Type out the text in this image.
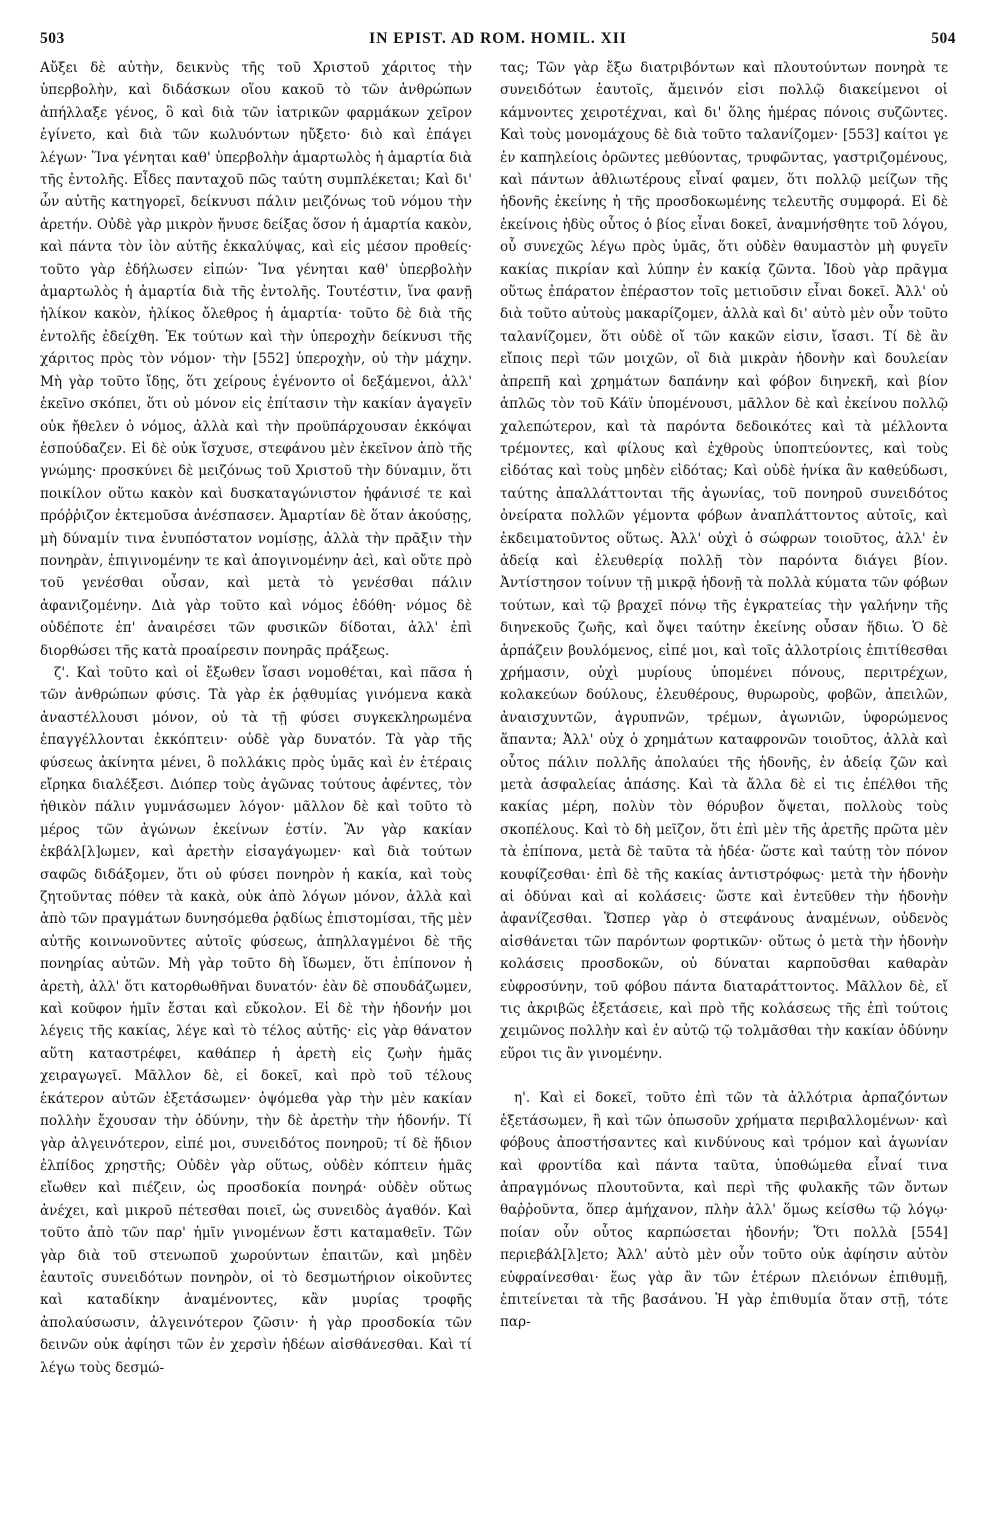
503	IN EPIST. AD ROM. HOMIL. XII	504

Αὔξει δὲ αὐτὴν, δεικνὺς τῆς τοῦ Χριστοῦ χάριτος τὴν ὑπερβολὴν, καὶ διδάσκων οἵου κακοῦ τὸ τῶν ἀνθρώπων ἀπήλλαξε γένος, ὃ καὶ διὰ τῶν ἰατρικῶν φαρμάκων χεῖρον ἐγίνετο, καὶ διὰ τῶν κωλυόντων ηὔξετο· διὸ καὶ ἐπάγει λέγων· Ἵνα γένηται καθ' ὑπερβολὴν ἁμαρτωλὸς ἡ ἁμαρτία διὰ τῆς ἐντολῆς. Εἶδες πανταχοῦ πῶς ταύτη συμπλέκεται; Καὶ δι' ὧν αὐτῆς κατηγορεῖ, δείκνυσι πάλιν μειζόνως τοῦ νόμου τὴν ἀρετήν. Οὐδὲ γὰρ μικρὸν ἤνυσε δείξας ὅσον ἡ ἁμαρτία κακὸν, καὶ πάντα τὸν ἰὸν αὐτῆς ἐκκαλύψας, καὶ εἰς μέσον προθείς· τοῦτο γὰρ ἐδήλωσεν εἰπών· Ἵνα γένηται καθ' ὑπερβολὴν ἁμαρτωλὸς ἡ ἁμαρτία διὰ τῆς ἐντολῆς. Τουτέστιν, ἵνα φανῇ ἡλίκον κακὸν, ἡλίκος ὄλεθρος ἡ ἁμαρτία· τοῦτο δὲ διὰ τῆς ἐντολῆς ἐδείχθη. Ἐκ τούτων καὶ τὴν ὑπεροχὴν δείκνυσι τῆς χάριτος πρὸς τὸν νόμον· τὴν [552] ὑπεροχὴν, οὐ τὴν μάχην. Μὴ γὰρ τοῦτο ἴδῃς, ὅτι χείρους ἐγένοντο οἱ δεξάμενοι, ἀλλ' ἐκεῖνο σκόπει, ὅτι οὐ μόνον εἰς ἐπίτασιν τὴν κακίαν ἀγαγεῖν οὐκ ἤθελεν ὁ νόμος, ἀλλὰ καὶ τὴν προϋπάρχουσαν ἐκκόψαι ἐσπούδαζεν. Εἰ δὲ οὐκ ἴσχυσε, στεφάνου μὲν ἐκεῖνον ἀπὸ τῆς γνώμης· προσκύνει δὲ μειζόνως τοῦ Χριστοῦ τὴν δύναμιν, ὅτι ποικίλον οὕτω κακὸν καὶ δυσκαταγώνιστον ἠφάνισέ τε καὶ πρόῤῥιζον ἐκτεμοῦσα ἀνέσπασεν. Ἁμαρτίαν δὲ ὅταν ἀκούσῃς, μὴ δύναμίν τινα ἐνυπόστατον νομίσῃς, ἀλλὰ τὴν πρᾶξιν τὴν πονηρὰν, ἐπιγινομένην τε καὶ ἀπογινομένην ἀεὶ, καὶ οὔτε πρὸ τοῦ γενέσθαι οὖσαν, καὶ μετὰ τὸ γενέσθαι πάλιν ἀφανιζομένην. Διὰ γὰρ τοῦτο καὶ νόμος ἐδόθη· νόμος δὲ οὐδέποτε ἐπ' ἀναιρέσει τῶν φυσικῶν δίδοται, ἀλλ' ἐπὶ διορθώσει τῆς κατὰ προαίρεσιν πονηρᾶς πράξεως.

ζ'. Καὶ τοῦτο καὶ οἱ ἔξωθεν ἴσασι νομοθέται, καὶ πᾶσα ἡ τῶν ἀνθρώπων φύσις. Τὰ γὰρ ἐκ ῥᾳθυμίας γινόμενα κακὰ ἀναστέλλουσι μόνον, οὐ τὰ τῇ φύσει συγκεκληρωμένα ἐπαγγέλλονται ἐκκόπτειν· οὐδὲ γὰρ δυνατόν. Τὰ γὰρ τῆς φύσεως ἀκίνητα μένει, ὃ πολλάκις πρὸς ὑμᾶς καὶ ἐν ἑτέραις εἴρηκα διαλέξεσι. Διόπερ τοὺς ἀγῶνας τούτους ἀφέντες, τὸν ἠθικὸν πάλιν γυμνάσωμεν λόγον· μᾶλλον δὲ καὶ τοῦτο τὸ μέρος τῶν ἀγώνων ἐκείνων ἐστίν. Ἂν γὰρ κακίαν ἐκβάλ[λ]ωμεν, καὶ ἀρετὴν εἰσαγάγωμεν· καὶ διὰ τούτων σαφῶς διδάξομεν, ὅτι οὐ φύσει πονηρὸν ἡ κακία, καὶ τοὺς ζητοῦντας πόθεν τὰ κακὰ, οὐκ ἀπὸ λόγων μόνον, ἀλλὰ καὶ ἀπὸ τῶν πραγμάτων δυνησόμεθα ῥᾳδίως ἐπιστομίσαι, τῆς μὲν αὐτῆς κοινωνοῦντες αὐτοῖς φύσεως, ἀπηλλαγμένοι δὲ τῆς πονηρίας αὐτῶν. Μὴ γὰρ τοῦτο δὴ ἴδωμεν, ὅτι ἐπίπονον ἡ ἀρετὴ, ἀλλ' ὅτι κατορθωθῆναι δυνατόν· ἐὰν δὲ σπουδάζωμεν, καὶ κοῦφον ἡμῖν ἔσται καὶ εὔκολον. Εἰ δὲ τὴν ἡδονήν μοι λέγεις τῆς κακίας, λέγε καὶ τὸ τέλος αὐτῆς· εἰς γὰρ θάνατον αὕτη καταστρέφει, καθάπερ ἡ ἀρετὴ εἰς ζωὴν ἡμᾶς χειραγωγεῖ. Μᾶλλον δὲ, εἰ δοκεῖ, καὶ πρὸ τοῦ τέλους ἑκάτερον αὐτῶν ἐξετάσωμεν· ὀψόμεθα γὰρ τὴν μὲν κακίαν πολλὴν ἔχουσαν τὴν ὀδύνην, τὴν δὲ ἀρετὴν τὴν ἡδονήν. Τί γὰρ ἀλγεινότερον, εἰπέ μοι, συνειδότος πονηροῦ; τί δὲ ἥδιον ἐλπίδος χρηστῆς; Οὐδὲν γὰρ οὕτως, οὐδὲν κόπτειν ἡμᾶς εἴωθεν καὶ πιέζειν, ὡς προσδοκία πονηρά· οὐδὲν οὕτως ἀνέχει, καὶ μικροῦ πέτεσθαι ποιεῖ, ὡς συνειδὸς ἀγαθόν. Καὶ τοῦτο ἀπὸ τῶν παρ' ἡμῖν γινομένων ἔστι καταμαθεῖν. Τῶν γὰρ διὰ τοῦ στενωποῦ χωρούντων ἐπαιτῶν, καὶ μηδὲν ἑαυτοῖς συνειδότων πονηρὸν, οἱ τὸ δεσμωτήριον οἰκοῦντες καὶ καταδίκην ἀναμένοντες, κἂν μυρίας τροφῆς ἀπολαύσωσιν, ἀλγεινότερον ζῶσιν· ἡ γὰρ προσδοκία τῶν δεινῶν οὐκ ἀφίησι τῶν ἐν χερσὶν ἡδέων αἰσθάνεσθαι. Καὶ τί λέγω τοὺς δεσμώ-

τας; Τῶν γὰρ ἔξω διατριβόντων καὶ πλουτούντων πονηρὰ τε συνειδότων ἑαυτοῖς, ἄμεινόν εἰσι πολλῷ διακείμενοι οἱ κάμνοντες χειροτέχναι, καὶ δι' ὅλης ἡμέρας πόνοις συζῶντες. Καὶ τοὺς μονομάχους δὲ διὰ τοῦτο ταλανίζομεν· [553] καίτοι γε ἐν καπηλείοις ὁρῶντες μεθύοντας, τρυφῶντας, γαστριζομένους, καὶ πάντων ἀθλιωτέρους εἶναί φαμεν, ὅτι πολλῷ μείζων τῆς ἡδονῆς ἐκείνης ἡ τῆς προσδοκωμένης τελευτῆς συμφορά. Εἰ δὲ ἐκείνοις ἡδὺς οὗτος ὁ βίος εἶναι δοκεῖ, ἀναμνήσθητε τοῦ λόγου, οὗ συνεχῶς λέγω πρὸς ὑμᾶς, ὅτι οὐδὲν θαυμαστὸν μὴ φυγεῖν κακίας πικρίαν καὶ λύπην ἐν κακίᾳ ζῶντα. Ἰδοὺ γὰρ πρᾶγμα οὕτως ἐπάρατον ἐπέραστον τοῖς μετιοῦσιν εἶναι δοκεῖ. Ἀλλ' οὐ διὰ τοῦτο αὐτοὺς μακαρίζομεν, ἀλλὰ καὶ δι' αὐτὸ μὲν οὖν τοῦτο ταλανίζομεν, ὅτι οὐδὲ οἴ τῶν κακῶν εἰσιν, ἴσασι. Τί δὲ ἂν εἴποις περὶ τῶν μοιχῶν, οἳ διὰ μικρὰν ἡδονὴν καὶ δουλείαν ἀπρεπῆ καὶ χρημάτων δαπάνην καὶ φόβον διηνεκῆ, καὶ βίον ἁπλῶς τὸν τοῦ Κάϊν ὑπομένουσι, μᾶλλον δὲ καὶ ἐκείνου πολλῷ χαλεπώτερον, καὶ τὰ παρόντα δεδοικότες καὶ τὰ μέλλοντα τρέμοντες, καὶ φίλους καὶ ἐχθροὺς ὑποπτεύοντες, καὶ τοὺς εἰδότας καὶ τοὺς μηδὲν εἰδότας; Καὶ οὐδὲ ἡνίκα ἂν καθεύδωσι, ταύτης ἀπαλλάττονται τῆς ἀγωνίας, τοῦ πονηροῦ συνειδότος ὀνείρατα πολλῶν γέμοντα φόβων ἀναπλάττοντος αὐτοῖς, καὶ ἐκδειματοῦντος οὕτως. Ἀλλ' οὐχὶ ὁ σώφρων τοιοῦτος, ἀλλ' ἐν ἀδείᾳ καὶ ἐλευθερίᾳ πολλῇ τὸν παρόντα διάγει βίον. Ἀντίστησον τοίνυν τῇ μικρᾷ ἡδονῇ τὰ πολλὰ κύματα τῶν φόβων τούτων, καὶ τῷ βραχεῖ πόνῳ τῆς ἐγκρατείας τὴν γαλήνην τῆς διηνεκοῦς ζωῆς, καὶ ὄψει ταύτην ἐκείνης οὖσαν ἥδιω. Ὁ δὲ ἁρπάζειν βουλόμενος, εἰπέ μοι, καὶ τοῖς ἀλλοτρίοις ἐπιτίθεσθαι χρήμασιν, οὐχὶ μυρίους ὑπομένει πόνους, περιτρέχων, κολακεύων δούλους, ἐλευθέρους, θυρωροὺς, φοβῶν, ἀπειλῶν, ἀναισχυντῶν, ἀγρυπνῶν, τρέμων, ἀγωνιῶν, ὑφορώμενος ἅπαντα; Ἀλλ' οὐχ ὁ χρημάτων καταφρονῶν τοιοῦτος, ἀλλὰ καὶ οὗτος πάλιν πολλῆς ἀπολαύει τῆς ἡδονῆς, ἐν ἀδείᾳ ζῶν καὶ μετὰ ἀσφαλείας ἁπάσης. Καὶ τὰ ἄλλα δὲ εἰ τις ἐπέλθοι τῆς κακίας μέρη, πολὺν τὸν θόρυβον ὄψεται, πολλοὺς τοὺς σκοπέλους. Καὶ τὸ δὴ μεῖζον, ὅτι ἐπὶ μὲν τῆς ἀρετῆς πρῶτα μὲν τὰ ἐπίπονα, μετὰ δὲ ταῦτα τὰ ἡδέα· ὥστε καὶ ταύτῃ τὸν πόνον κουφίζεσθαι· ἐπὶ δὲ τῆς κακίας ἀντιστρόφως· μετὰ τὴν ἡδονὴν αἱ ὀδύναι καὶ αἱ κολάσεις· ὥστε καὶ ἐντεῦθεν τὴν ἡδονὴν ἀφανίζεσθαι. Ὥσπερ γὰρ ὁ στεφάνους ἀναμένων, οὐδενὸς αἰσθάνεται τῶν παρόντων φορτικῶν· οὕτως ὁ μετὰ τὴν ἡδονὴν κολάσεις προσδοκῶν, οὐ δύναται καρποῦσθαι καθαρὰν εὐφροσύνην, τοῦ φόβου πάντα διαταράττοντος. Μᾶλλον δὲ, εἴ τις ἀκριβῶς ἐξετάσειε, καὶ πρὸ τῆς κολάσεως τῆς ἐπὶ τούτοις χειμῶνος πολλὴν καὶ ἐν αὐτῷ τῷ τολμᾶσθαι τὴν κακίαν ὀδύνην εὕροι τις ἂν γινομένην.

η'. Καὶ εἰ δοκεῖ, τοῦτο ἐπὶ τῶν τὰ ἀλλότρια ἁρπαζόντων ἐξετάσωμεν, ἢ καὶ τῶν ὁπωσοῦν χρήματα περιβαλλομένων· καὶ φόβους ἀποστήσαντες καὶ κινδύνους καὶ τρόμον καὶ ἀγωνίαν καὶ φροντίδα καὶ πάντα ταῦτα, ὑποθώμεθα εἶναί τινα ἀπραγμόνως πλουτοῦντα, καὶ περὶ τῆς φυλακῆς τῶν ὄντων θαῤῥοῦντα, ὅπερ ἀμήχανον, πλὴν ἀλλ' ὅμως κείσθω τῷ λόγῳ· ποίαν οὖν οὗτος καρπώσεται ἡδονήν; Ὅτι πολλὰ [554] περιεβάλ[λ]ετο; Ἀλλ' αὐτὸ μὲν οὖν τοῦτο οὐκ ἀφίησιν αὐτὸν εὐφραίνεσθαι· ἕως γὰρ ἂν τῶν ἑτέρων πλειόνων ἐπιθυμῇ, ἐπιτείνεται τὰ τῆς βασάνου. Ἡ γὰρ ἐπιθυμία ὅταν στῇ, τότε παρ-
